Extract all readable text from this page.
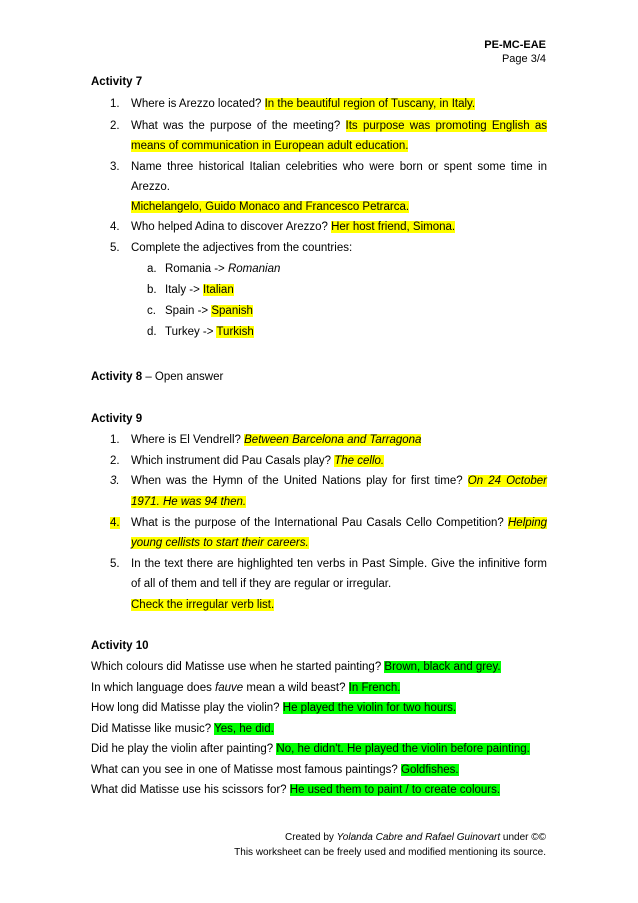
PE-MC-EAE
Page 3/4
Activity 7
1. Where is Arezzo located? In the beautiful region of Tuscany, in Italy.
2. What was the purpose of the meeting? Its purpose was promoting English as
means of communication in European adult education.
3. Name three historical Italian celebrities who were born or spent some time in
Arezzo.
Michelangelo, Guido Monaco and Francesco Petrarca.
4. Who helped Adina to discover Arezzo? Her host friend, Simona.
5. Complete the adjectives from the countries:
a. Romania -> Romanian
b. Italy -> Italian
c. Spain -> Spanish
d. Turkey -> Turkish
Activity 8 – Open answer
Activity 9
1. Where is El Vendrell? Between Barcelona and Tarragona
2. Which instrument did Pau Casals play? The cello.
3. When was the Hymn of the United Nations play for first time? On 24 October
1971. He was 94 then.
4. What is the purpose of the International Pau Casals Cello Competition? Helping
young cellists to start their careers.
5. In the text there are highlighted ten verbs in Past Simple. Give the infinitive form
of all of them and tell if they are regular or irregular.
Check the irregular verb list.
Activity 10
Which colours did Matisse use when he started painting? Brown, black and grey.
In which language does fauve mean a wild beast? In French.
How long did Matisse play the violin? He played the violin for two hours.
Did Matisse like music? Yes, he did.
Did he play the violin after painting? No, he didn't. He played the violin before painting.
What can you see in one of Matisse most famous paintings? Goldfishes.
What did Matisse use his scissors for? He used them to paint / to create colours.
Created by Yolanda Cabre and Rafael Guinovart under ©©
This worksheet can be freely used and modified mentioning its source.
